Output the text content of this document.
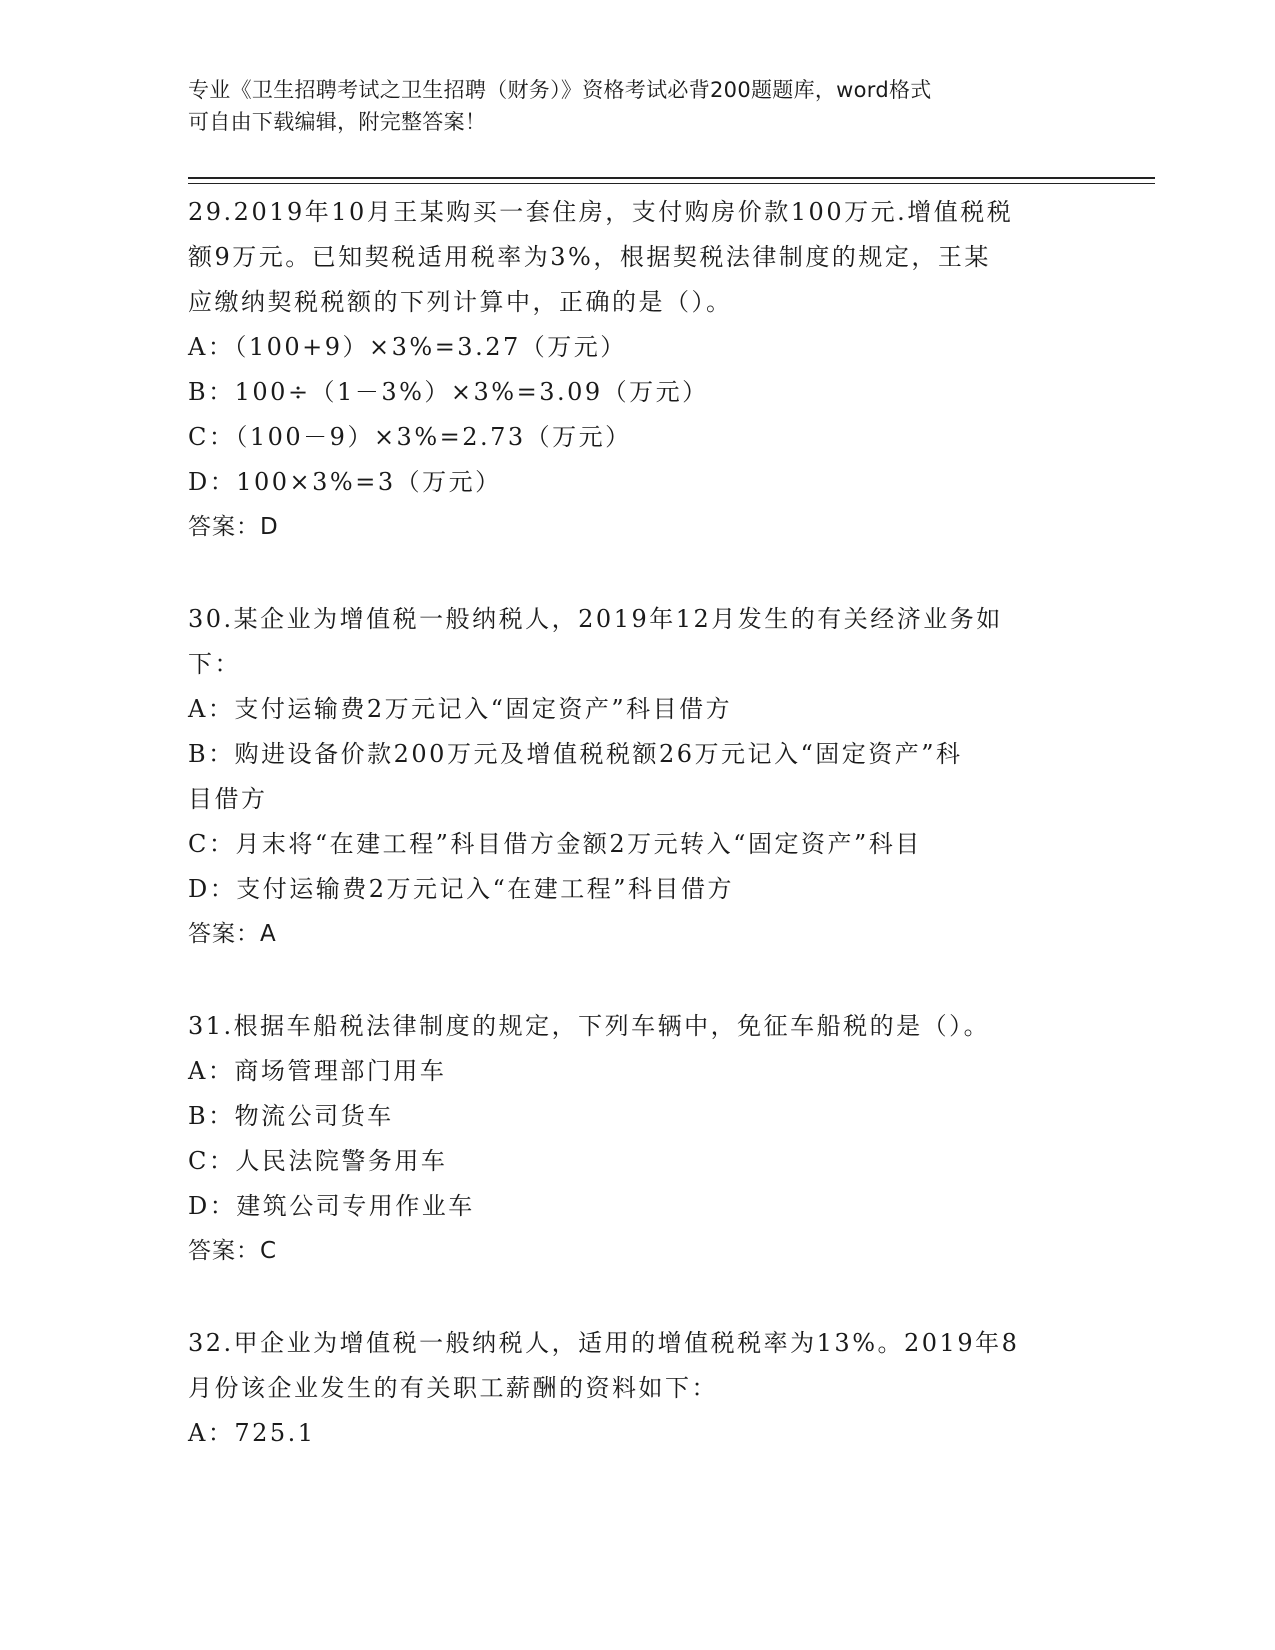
专业《卫生招聘考试之卫生招聘（财务）》资格考试必背200题题库，word格式
可自由下载编辑，附完整答案！
29.2019年10月王某购买一套住房，支付购房价款100万元.增值税税
额9万元。已知契税适用税率为3%，根据契税法律制度的规定，王某
应缴纳契税税额的下列计算中，正确的是（）。
A：（100+9）×3%=3.27（万元）
B：100÷（1－3%）×3%=3.09（万元）
C：（100－9）×3%=2.73（万元）
D：100×3%=3（万元）
答案：D
30.某企业为增值税一般纳税人，2019年12月发生的有关经济业务如
下：
A：支付运输费2万元记入“固定资产”科目借方
B：购进设备价款200万元及增值税税额26万元记入“固定资产”科
目借方
C：月末将“在建工程”科目借方金额2万元转入“固定资产”科目
D：支付运输费2万元记入“在建工程”科目借方
答案：A
31.根据车船税法律制度的规定，下列车辆中，免征车船税的是（）。
A：商场管理部门用车
B：物流公司货车
C：人民法院警务用车
D：建筑公司专用作业车
答案：C
32.甲企业为增值税一般纳税人，适用的增值税税率为13%。2019年8
月份该企业发生的有关职工薪酬的资料如下：
A：725.1
